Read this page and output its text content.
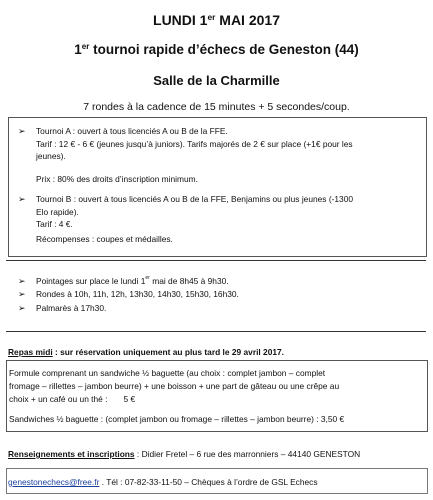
LUNDI 1er MAI 2017
1er tournoi rapide d’échecs de Geneston (44)
Salle de la Charmille
7 rondes à la cadence de 15 minutes + 5 secondes/coup.
➢ Tournoi A : ouvert à tous licenciés A ou B de la FFE.
Tarif : 12 € - 6 € (jeunes jusqu’à juniors). Tarifs majorés de 2 € sur place (+1€ pour les
jeunes).
Prix : 80% des droits d’inscription minimum.
➢ Tournoi B : ouvert à tous licenciés A ou B de la FFE, Benjamins ou plus jeunes (-1300
Elo rapide).
Tarif : 4 €.
Récompenses : coupes et médailles.
➢ Pointages sur place le lundi 1er mai de 8h45 à 9h30.
➢ Rondes à 10h, 11h, 12h, 13h30, 14h30, 15h30, 16h30.
➢ Palmarès à 17h30.
Repas midi : sur réservation uniquement au plus tard le 29 avril 2017.
Formule comprenant un sandwiche ½ baguette (au choix : complet jambon – complet
fromage – rillettes – jambon beurre) + une boisson + une part de gâteau ou une crêpe au
choix + un café ou un thé : 5 €
Sandwiches ½ baguette : (complet jambon ou fromage – rillettes – jambon beurre) : 3,50 €
Renseignements et inscriptions : Didier Fretel – 6 rue des marronniers – 44140 GENESTON
genestonechecs@free.fr . Tél : 07-82-33-11-50 – Chèques à l’ordre de GSL Echecs
